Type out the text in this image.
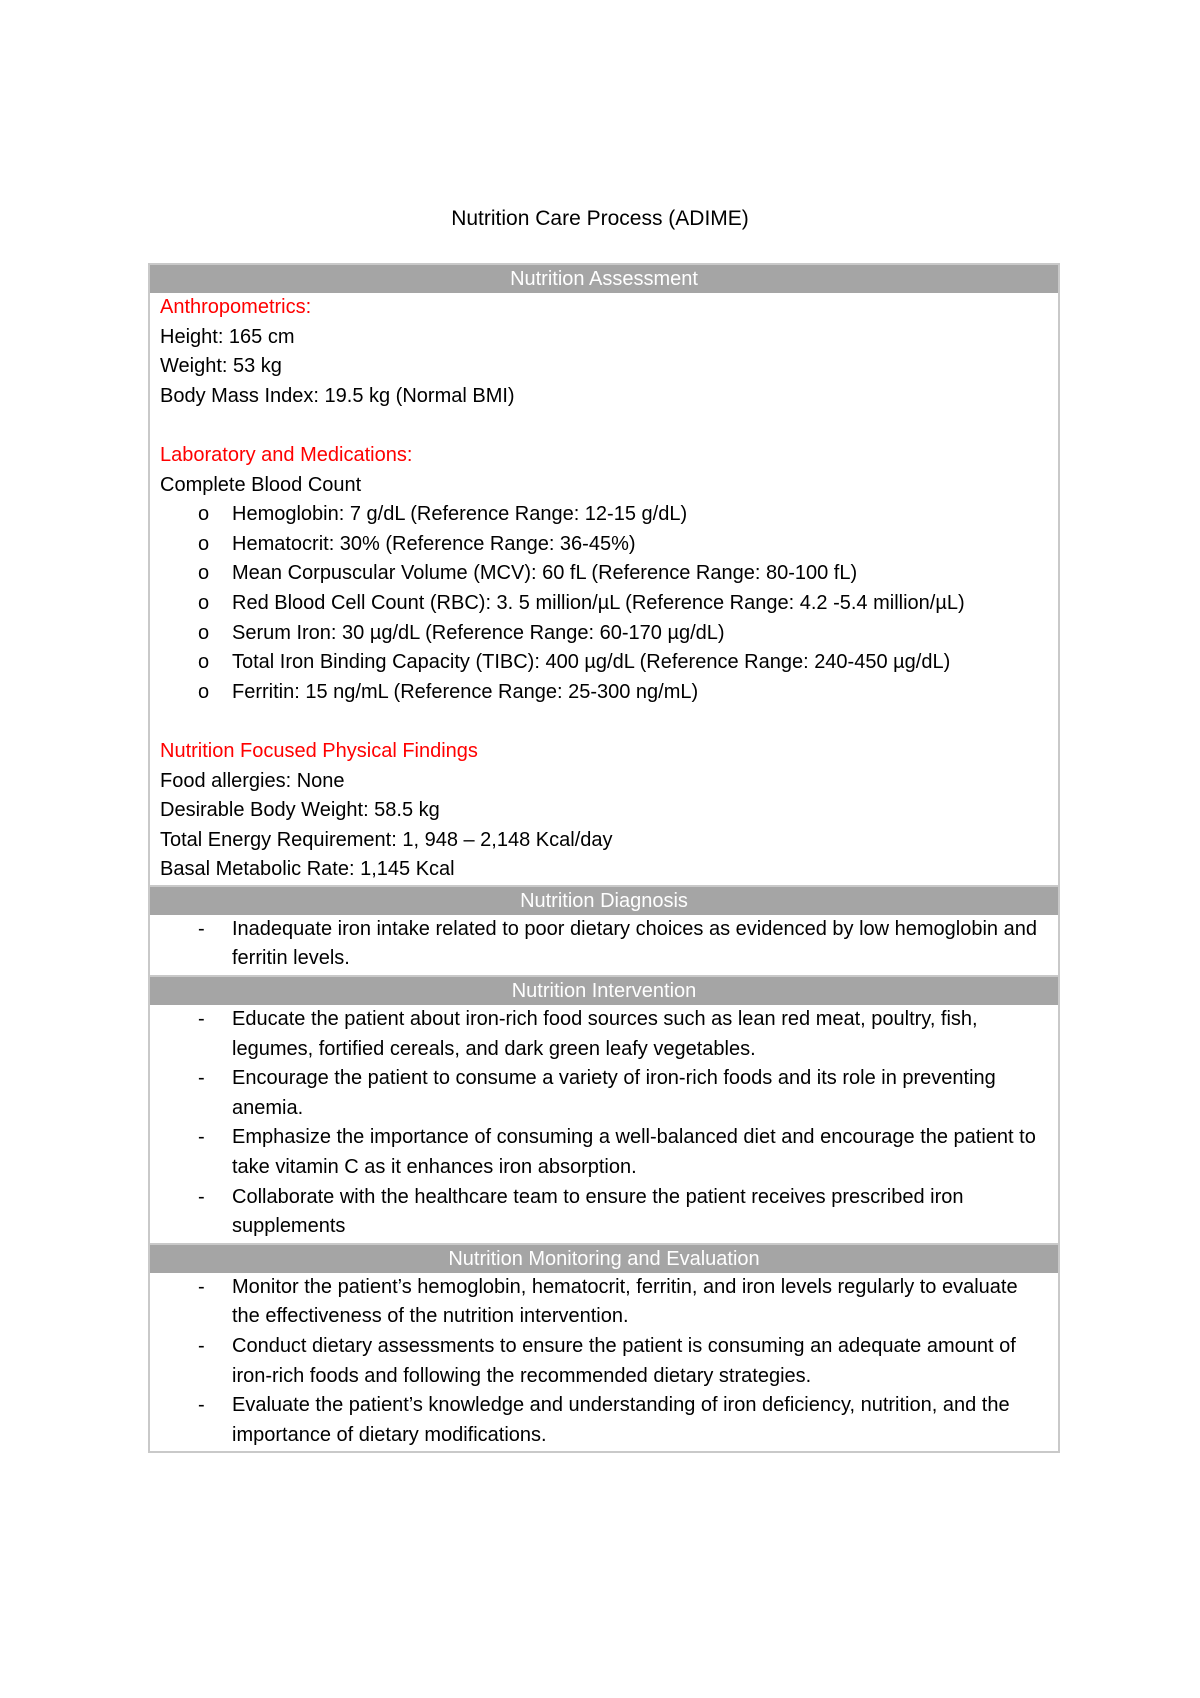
Nutrition Care Process (ADIME)
Nutrition Assessment
Anthropometrics:
Height: 165 cm
Weight: 53 kg
Body Mass Index: 19.5 kg (Normal BMI)
Laboratory and Medications:
Complete Blood Count
o Hemoglobin: 7 g/dL (Reference Range: 12-15 g/dL)
o Hematocrit: 30% (Reference Range: 36-45%)
o Mean Corpuscular Volume (MCV): 60 fL (Reference Range: 80-100 fL)
o Red Blood Cell Count (RBC): 3. 5 million/µL (Reference Range: 4.2 -5.4 million/µL)
o Serum Iron: 30 µg/dL (Reference Range: 60-170 µg/dL)
o Total Iron Binding Capacity (TIBC): 400 µg/dL (Reference Range: 240-450 µg/dL)
o Ferritin: 15 ng/mL (Reference Range: 25-300 ng/mL)
Nutrition Focused Physical Findings
Food allergies: None
Desirable Body Weight: 58.5 kg
Total Energy Requirement: 1, 948 – 2,148 Kcal/day
Basal Metabolic Rate: 1,145 Kcal
Nutrition Diagnosis
- Inadequate iron intake related to poor dietary choices as evidenced by low hemoglobin and ferritin levels.
Nutrition Intervention
- Educate the patient about iron-rich food sources such as lean red meat, poultry, fish, legumes, fortified cereals, and dark green leafy vegetables.
- Encourage the patient to consume a variety of iron-rich foods and its role in preventing anemia.
- Emphasize the importance of consuming a well-balanced diet and encourage the patient to take vitamin C as it enhances iron absorption.
- Collaborate with the healthcare team to ensure the patient receives prescribed iron supplements
Nutrition Monitoring and Evaluation
- Monitor the patient’s hemoglobin, hematocrit, ferritin, and iron levels regularly to evaluate the effectiveness of the nutrition intervention.
- Conduct dietary assessments to ensure the patient is consuming an adequate amount of iron-rich foods and following the recommended dietary strategies.
- Evaluate the patient’s knowledge and understanding of iron deficiency, nutrition, and the importance of dietary modifications.
